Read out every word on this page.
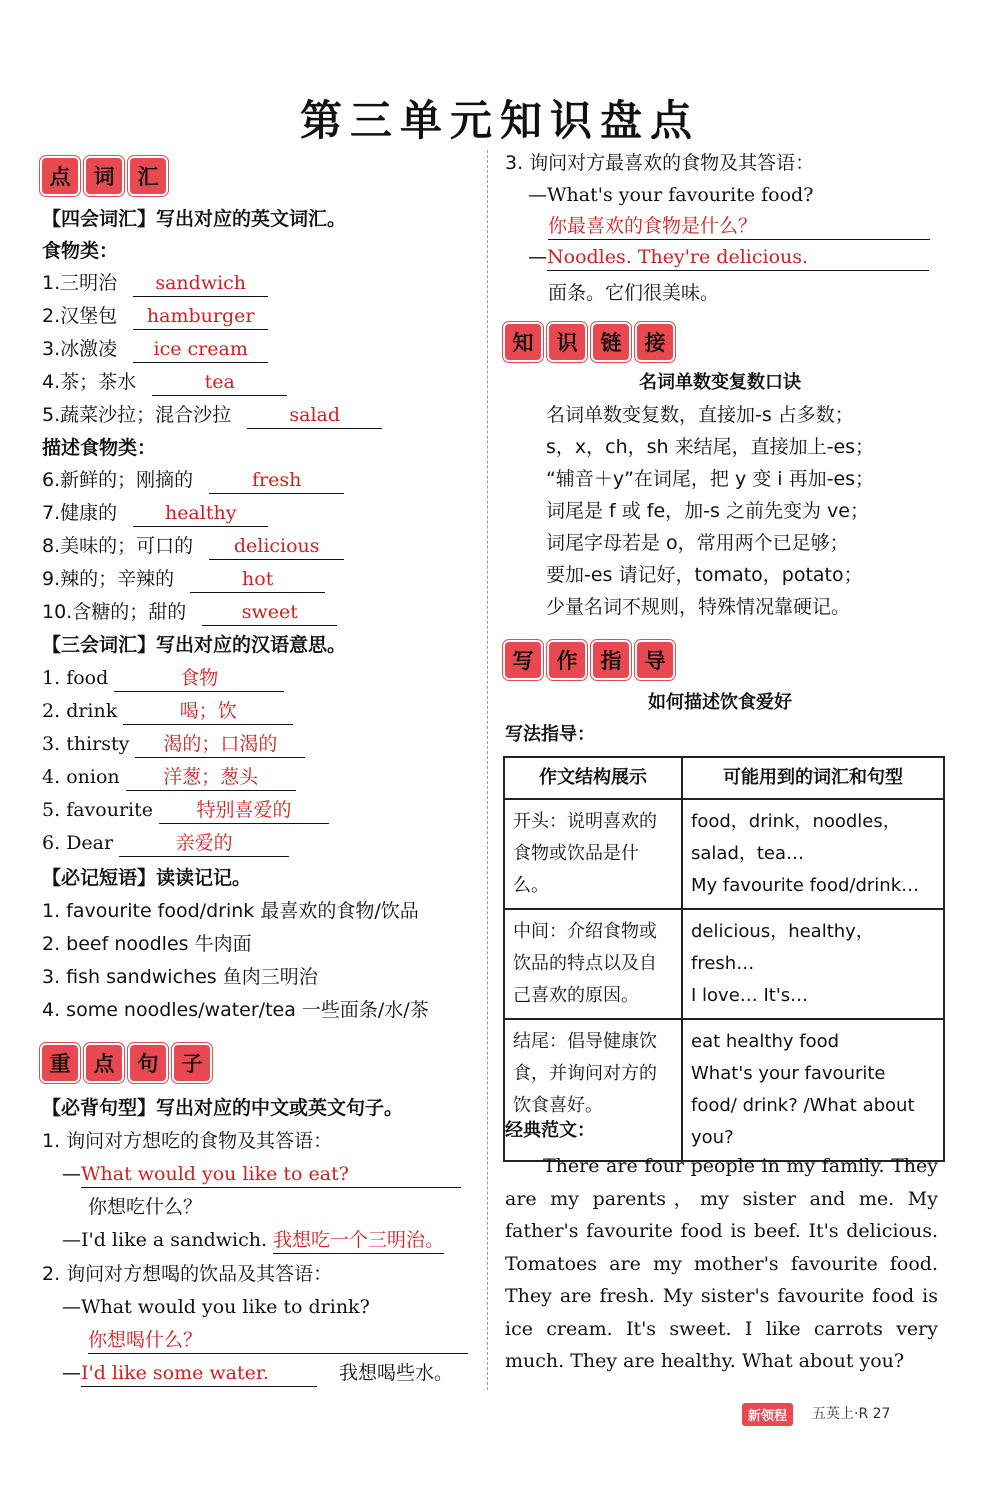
第三单元知识盘点
点	词	汇
【四会词汇】写出对应的英文词汇。
食物类：
1.三明治 sandwich
2.汉堡包 hamburger
3.冰激凌 ice cream
4.茶；茶水	tea
5.蔬菜沙拉；混合沙拉	salad
描述食物类：
6.新鲜的；刚摘的	fresh
7.健康的	healthy
8.美味的；可口的 delicious
9.辣的；辛辣的	hot
10.含糖的；甜的	sweet
【三会词汇】写出对应的汉语意思。
1. food	食物
2. drink	喝；饮
3. thirsty 渴的；口渴的
4. onion 洋葱；葱头
5. favourite 特别喜爱的
6. Dear	亲爱的
【必记短语】读读记记。
1. favourite food/drink 最喜欢的食物/饮品
2. beef noodles 牛肉面
3. fish sandwiches 鱼肉三明治
4. some noodles/water/tea 一些面条/水/茶
重	点	句	子
【必背句型】写出对应的中文或英文句子。
1. 询问对方想吃的食物及其答语：
—What would you like to eat?
你想吃什么？
—I'd like a sandwich. 我想吃一个三明治。
2. 询问对方想喝的饮品及其答语：
—What would you like to drink?
你想喝什么？
—I'd like some water.	我想喝些水。
3. 询问对方最喜欢的食物及其答语：
—What's your favourite food?
你最喜欢的食物是什么？
—Noodles. They're delicious.
面条。它们很美味。
知	识	链	接
名词单数变复数口诀
名词单数变复数，直接加-s 占多数；
s，x，ch，sh 来结尾，直接加上-es；
“辅音＋y”在词尾，把 y 变 i 再加-es；
词尾是 f 或 fe，加-s 之前先变为 ve；
词尾字母若是 o，常用两个已足够；
要加-es 请记好，tomato，potato；
少量名词不规则，特殊情况靠硬记。
写	作	指	导
如何描述饮食爱好
写法指导：
作文结构展示	可能用到的词汇和句型
开头：说明喜欢的食物或饮品是什么。	food，drink，noodles，salad，tea…
My favourite food/drink…

中间：介绍食物或饮品的特点以及自己喜欢的原因。	delicious，healthy，fresh…
I love… It's…

结尾：倡导健康饮食，并询问对方的饮食喜好。	eat healthy food
What's your favourite food/ drink? /What about you?
经典范文：
There are four people in my family. They are my parents，my sister and me. My father's favourite food is beef. It's delicious. Tomatoes are my mother's favourite food. They are fresh. My sister's favourite food is ice cream. It's sweet. I like carrots very much. They are healthy. What about you?
新领程	五英上·R 27
